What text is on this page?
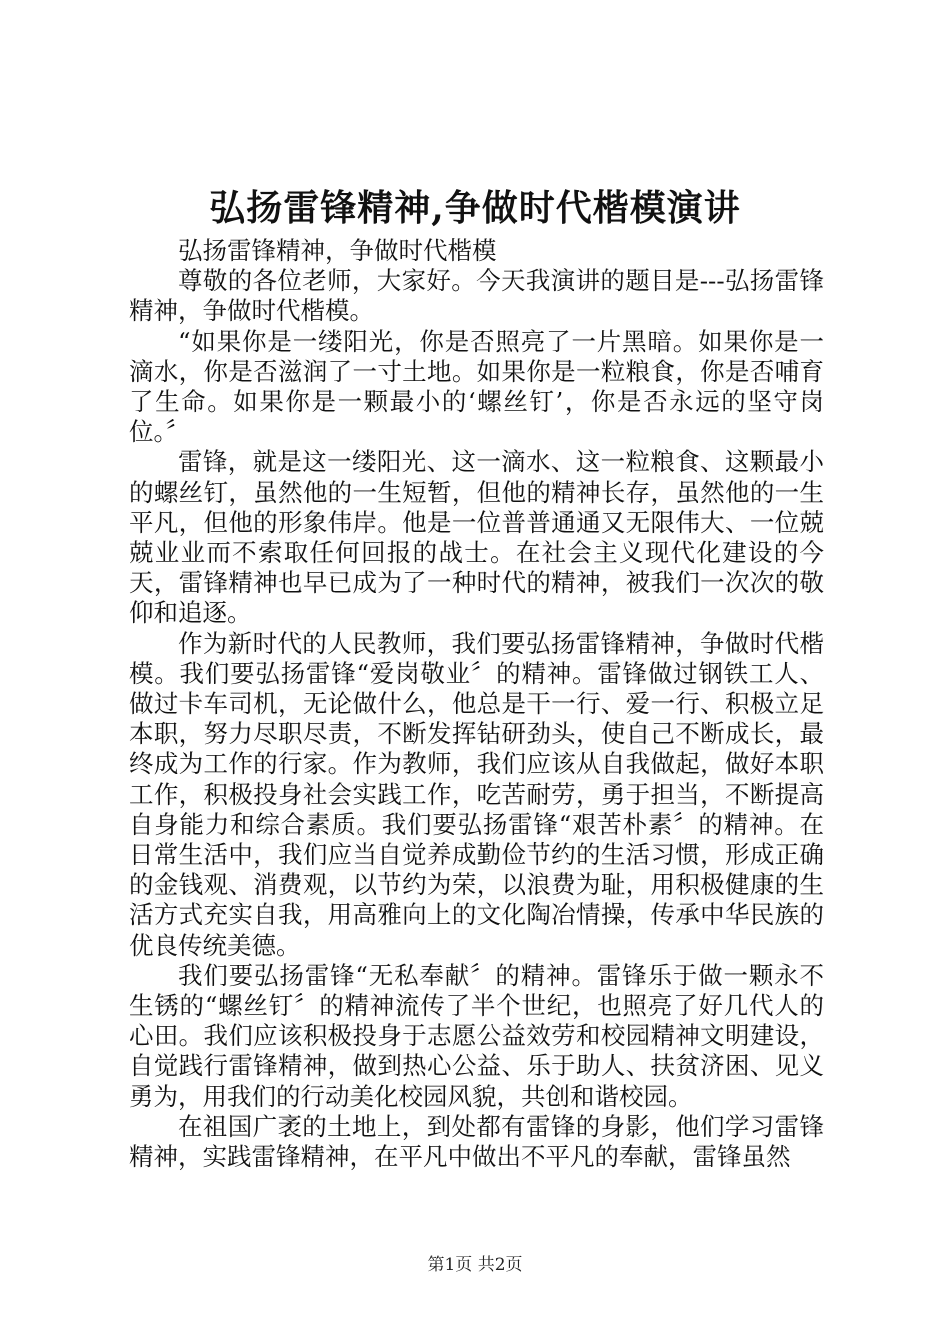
弘扬雷锋精神,争做时代楷模演讲

弘扬雷锋精神，争做时代楷模

尊敬的各位老师，大家好。今天我演讲的题目是---弘扬雷锋精神，争做时代楷模。

“如果你是一缕阳光，你是否照亮了一片黑暗。如果你是一滴水，你是否滋润了一寸土地。如果你是一粒粮食，你是否哺育了生命。如果你是一颗最小的‘螺丝钉’，你是否永远的坚守岗位。〞

雷锋，就是这一缕阳光、这一滴水、这一粒粮食、这颗最小的螺丝钉，虽然他的一生短暂，但他的精神长存，虽然他的一生平凡，但他的形象伟岸。他是一位普普通通又无限伟大、一位兢兢业业而不索取任何回报的战士。在社会主义现代化建设的今天，雷锋精神也早已成为了一种时代的精神，被我们一次次的敬仰和追逐。

作为新时代的人民教师，我们要弘扬雷锋精神，争做时代楷模。我们要弘扬雷锋“爱岗敬业〞的精神。雷锋做过钢铁工人、做过卡车司机，无论做什么，他总是干一行、爱一行、积极立足本职，努力尽职尽责，不断发挥钻研劲头，使自己不断成长，最终成为工作的行家。作为教师，我们应该从自我做起，做好本职工作，积极投身社会实践工作，吃苦耐劳，勇于担当，不断提高自身能力和综合素质。我们要弘扬雷锋“艰苦朴素〞的精神。在日常生活中，我们应当自觉养成勤俭节约的生活习惯，形成正确的金钱观、消费观，以节约为荣，以浪费为耻，用积极健康的生活方式充实自我，用高雅向上的文化陶冶情操，传承中华民族的优良传统美德。

我们要弘扬雷锋“无私奉献〞的精神。雷锋乐于做一颗永不生锈的“螺丝钉〞的精神流传了半个世纪，也照亮了好几代人的心田。我们应该积极投身于志愿公益效劳和校园精神文明建设，自觉践行雷锋精神，做到热心公益、乐于助人、扶贫济困、见义勇为，用我们的行动美化校园风貌，共创和谐校园。

在祖国广袤的土地上，到处都有雷锋的身影，他们学习雷锋精神，实践雷锋精神，在平凡中做出不平凡的奉献，雷锋虽然

第1页 共2页
